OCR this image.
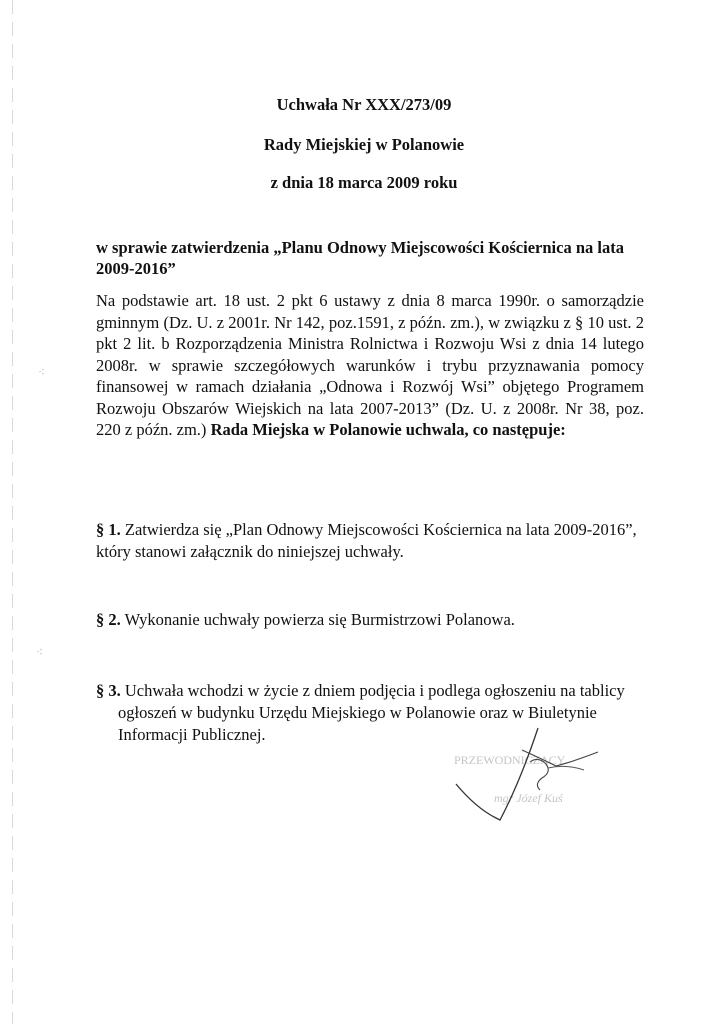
⁖
⁖
Uchwała Nr XXX/273/09
Rady Miejskiej w Polanowie
z dnia 18 marca 2009 roku
w sprawie zatwierdzenia „Planu Odnowy Miejscowości Kościernica na lata 2009-2016”
Na podstawie art. 18 ust. 2 pkt 6 ustawy z dnia 8 marca 1990r. o samorządzie gminnym (Dz. U. z 2001r. Nr 142, poz.1591, z późn. zm.), w związku z § 10 ust. 2 pkt 2 lit. b Rozporządzenia Ministra Rolnictwa i Rozwoju Wsi z dnia 14 lutego 2008r. w sprawie szczegółowych warunków i trybu przyznawania pomocy finansowej w ramach działania „Odnowa i Rozwój Wsi” objętego Programem Rozwoju Obszarów Wiejskich na lata 2007-2013” (Dz. U. z 2008r. Nr 38, poz. 220 z późn. zm.) Rada Miejska w Polanowie uchwala, co następuje:
§ 1. Zatwierdza się „Plan Odnowy Miejscowości Kościernica na lata 2009-2016”, który stanowi załącznik do niniejszej uchwały.
§ 2. Wykonanie uchwały powierza się Burmistrzowi Polanowa.
§ 3. Uchwała wchodzi w życie z dniem podjęcia i podlega ogłoszeniu na tablicy ogłoszeń w budynku Urzędu Miejskiego w Polanowie oraz w Biuletynie Informacji Publicznej.
PRZEWODNICZĄCY
mgr Józef Kuś
